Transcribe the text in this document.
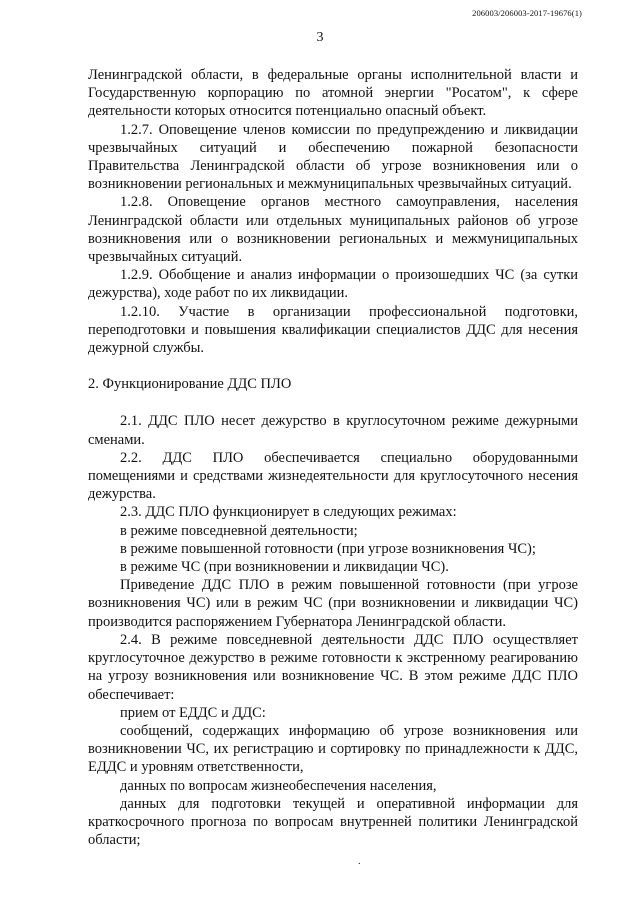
206003/206003-2017-19676(1)
3

Ленинградской области, в федеральные органы исполнительной власти и Государственную корпорацию по атомной энергии "Росатом", к сфере деятельности которых относится потенциально опасный объект.

1.2.7. Оповещение членов комиссии по предупреждению и ликвидации чрезвычайных ситуаций и обеспечению пожарной безопасности Правительства Ленинградской области об угрозе возникновения или о возникновении региональных и межмуниципальных чрезвычайных ситуаций.

1.2.8. Оповещение органов местного самоуправления, населения Ленинградской области или отдельных муниципальных районов об угрозе возникновения или о возникновении региональных и межмуниципальных чрезвычайных ситуаций.

1.2.9. Обобщение и анализ информации о произошедших ЧС (за сутки дежурства), ходе работ по их ликвидации.

1.2.10. Участие в организации профессиональной подготовки, переподготовки и повышения квалификации специалистов ДДС для несения дежурной службы.

2. Функционирование ДДС ПЛО

2.1. ДДС ПЛО несет дежурство в круглосуточном режиме дежурными сменами.

2.2. ДДС ПЛО обеспечивается специально оборудованными помещениями и средствами жизнедеятельности для круглосуточного несения дежурства.

2.3. ДДС ПЛО функционирует в следующих режимах:

в режиме повседневной деятельности;

в режиме повышенной готовности (при угрозе возникновения ЧС);

в режиме ЧС (при возникновении и ликвидации ЧС).

Приведение ДДС ПЛО в режим повышенной готовности (при угрозе возникновения ЧС) или в режим ЧС (при возникновении и ликвидации ЧС) производится распоряжением Губернатора Ленинградской области.

2.4. В режиме повседневной деятельности ДДС ПЛО осуществляет круглосуточное дежурство в режиме готовности к экстренному реагированию на угрозу возникновения или возникновение ЧС. В этом режиме ДДС ПЛО обеспечивает:

прием от ЕДДС и ДДС:

сообщений, содержащих информацию об угрозе возникновения или возникновении ЧС, их регистрацию и сортировку по принадлежности к ДДС, ЕДДС и уровням ответственности,

данных по вопросам жизнеобеспечения населения,

данных для подготовки текущей и оперативной информации для краткосрочного прогноза по вопросам внутренней политики Ленинградской области;

.
